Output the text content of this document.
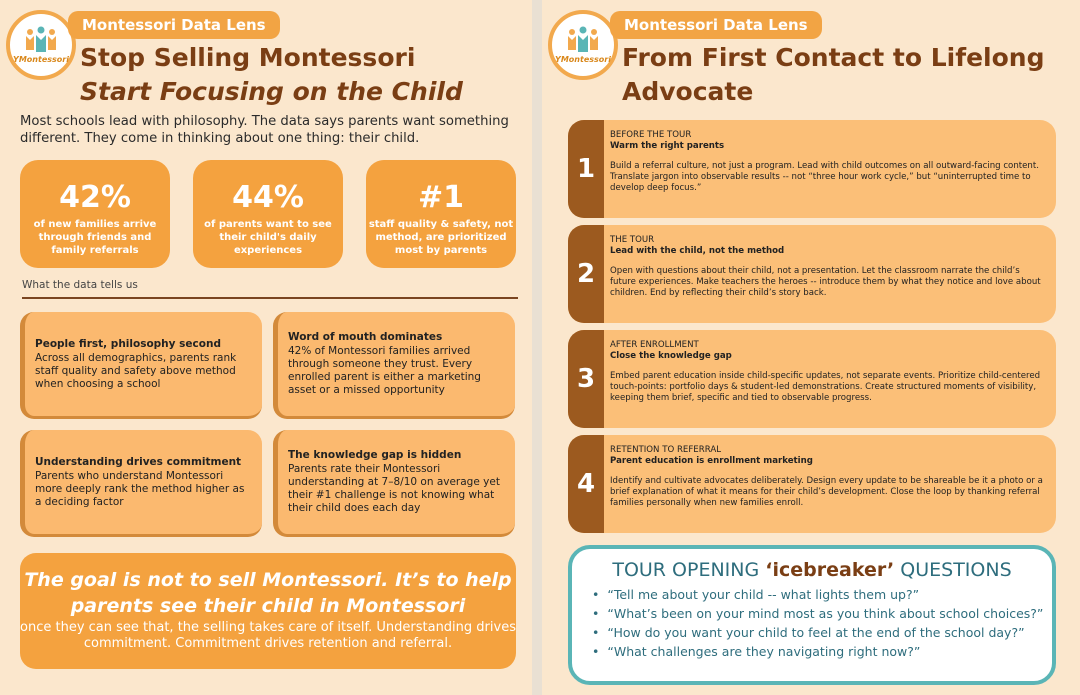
YMontessori
Montessori Data Lens
Stop Selling Montessori
Start Focusing on the Child
Most schools lead with philosophy. The data says parents want something different. They come in thinking about one thing: their child.
42%
of new families arrive through friends and family referrals
44%
of parents want to see their child's daily experiences
#1
staff quality & safety, not method, are prioritized most by parents
What the data tells us
People first, philosophy second
Across all demographics, parents rank staff quality and safety above method when choosing a school
Word of mouth dominates
42% of Montessori families arrived through someone they trust. Every enrolled parent is either a marketing asset or a missed opportunity
Understanding drives commitment
Parents who understand Montessori more deeply rank the method higher as a deciding factor
The knowledge gap is hidden
Parents rate their Montessori understanding at 7–8/10 on average yet their #1 challenge is not knowing what their child does each day
The goal is not to sell Montessori. It’s to help parents see their child in Montessori
once they can see that, the selling takes care of itself. Understanding drives commitment. Commitment drives retention and referral.
YMontessori
Montessori Data Lens
From First Contact to Lifelong
Advocate
1
BEFORE THE TOUR
Warm the right parents
Build a referral culture, not just a program. Lead with child outcomes on all outward-facing content. Translate jargon into observable results -- not “three hour work cycle,” but “uninterrupted time to develop deep focus.”
2
THE TOUR
Lead with the child, not the method
Open with questions about their child, not a presentation. Let the classroom narrate the child’s future experiences. Make teachers the heroes -- introduce them by what they notice and love about children. End by reflecting their child’s story back.
3
AFTER ENROLLMENT
Close the knowledge gap
Embed parent education inside child-specific updates, not separate events. Prioritize child-centered touch-points: portfolio days & student-led demonstrations. Create structured moments of visibility, keeping them brief, specific and tied to observable progress.
4
RETENTION TO REFERRAL
Parent education is enrollment marketing
Identify and cultivate advocates deliberately. Design every update to be shareable be it a photo or a brief explanation of what it means for their child’s development. Close the loop by thanking referral families personally when new families enroll.
TOUR OPENING ‘icebreaker’ QUESTIONS
• “Tell me about your child -- what lights them up?”
• “What’s been on your mind most as you think about school choices?”
• “How do you want your child to feel at the end of the school day?”
• “What challenges are they navigating right now?”
